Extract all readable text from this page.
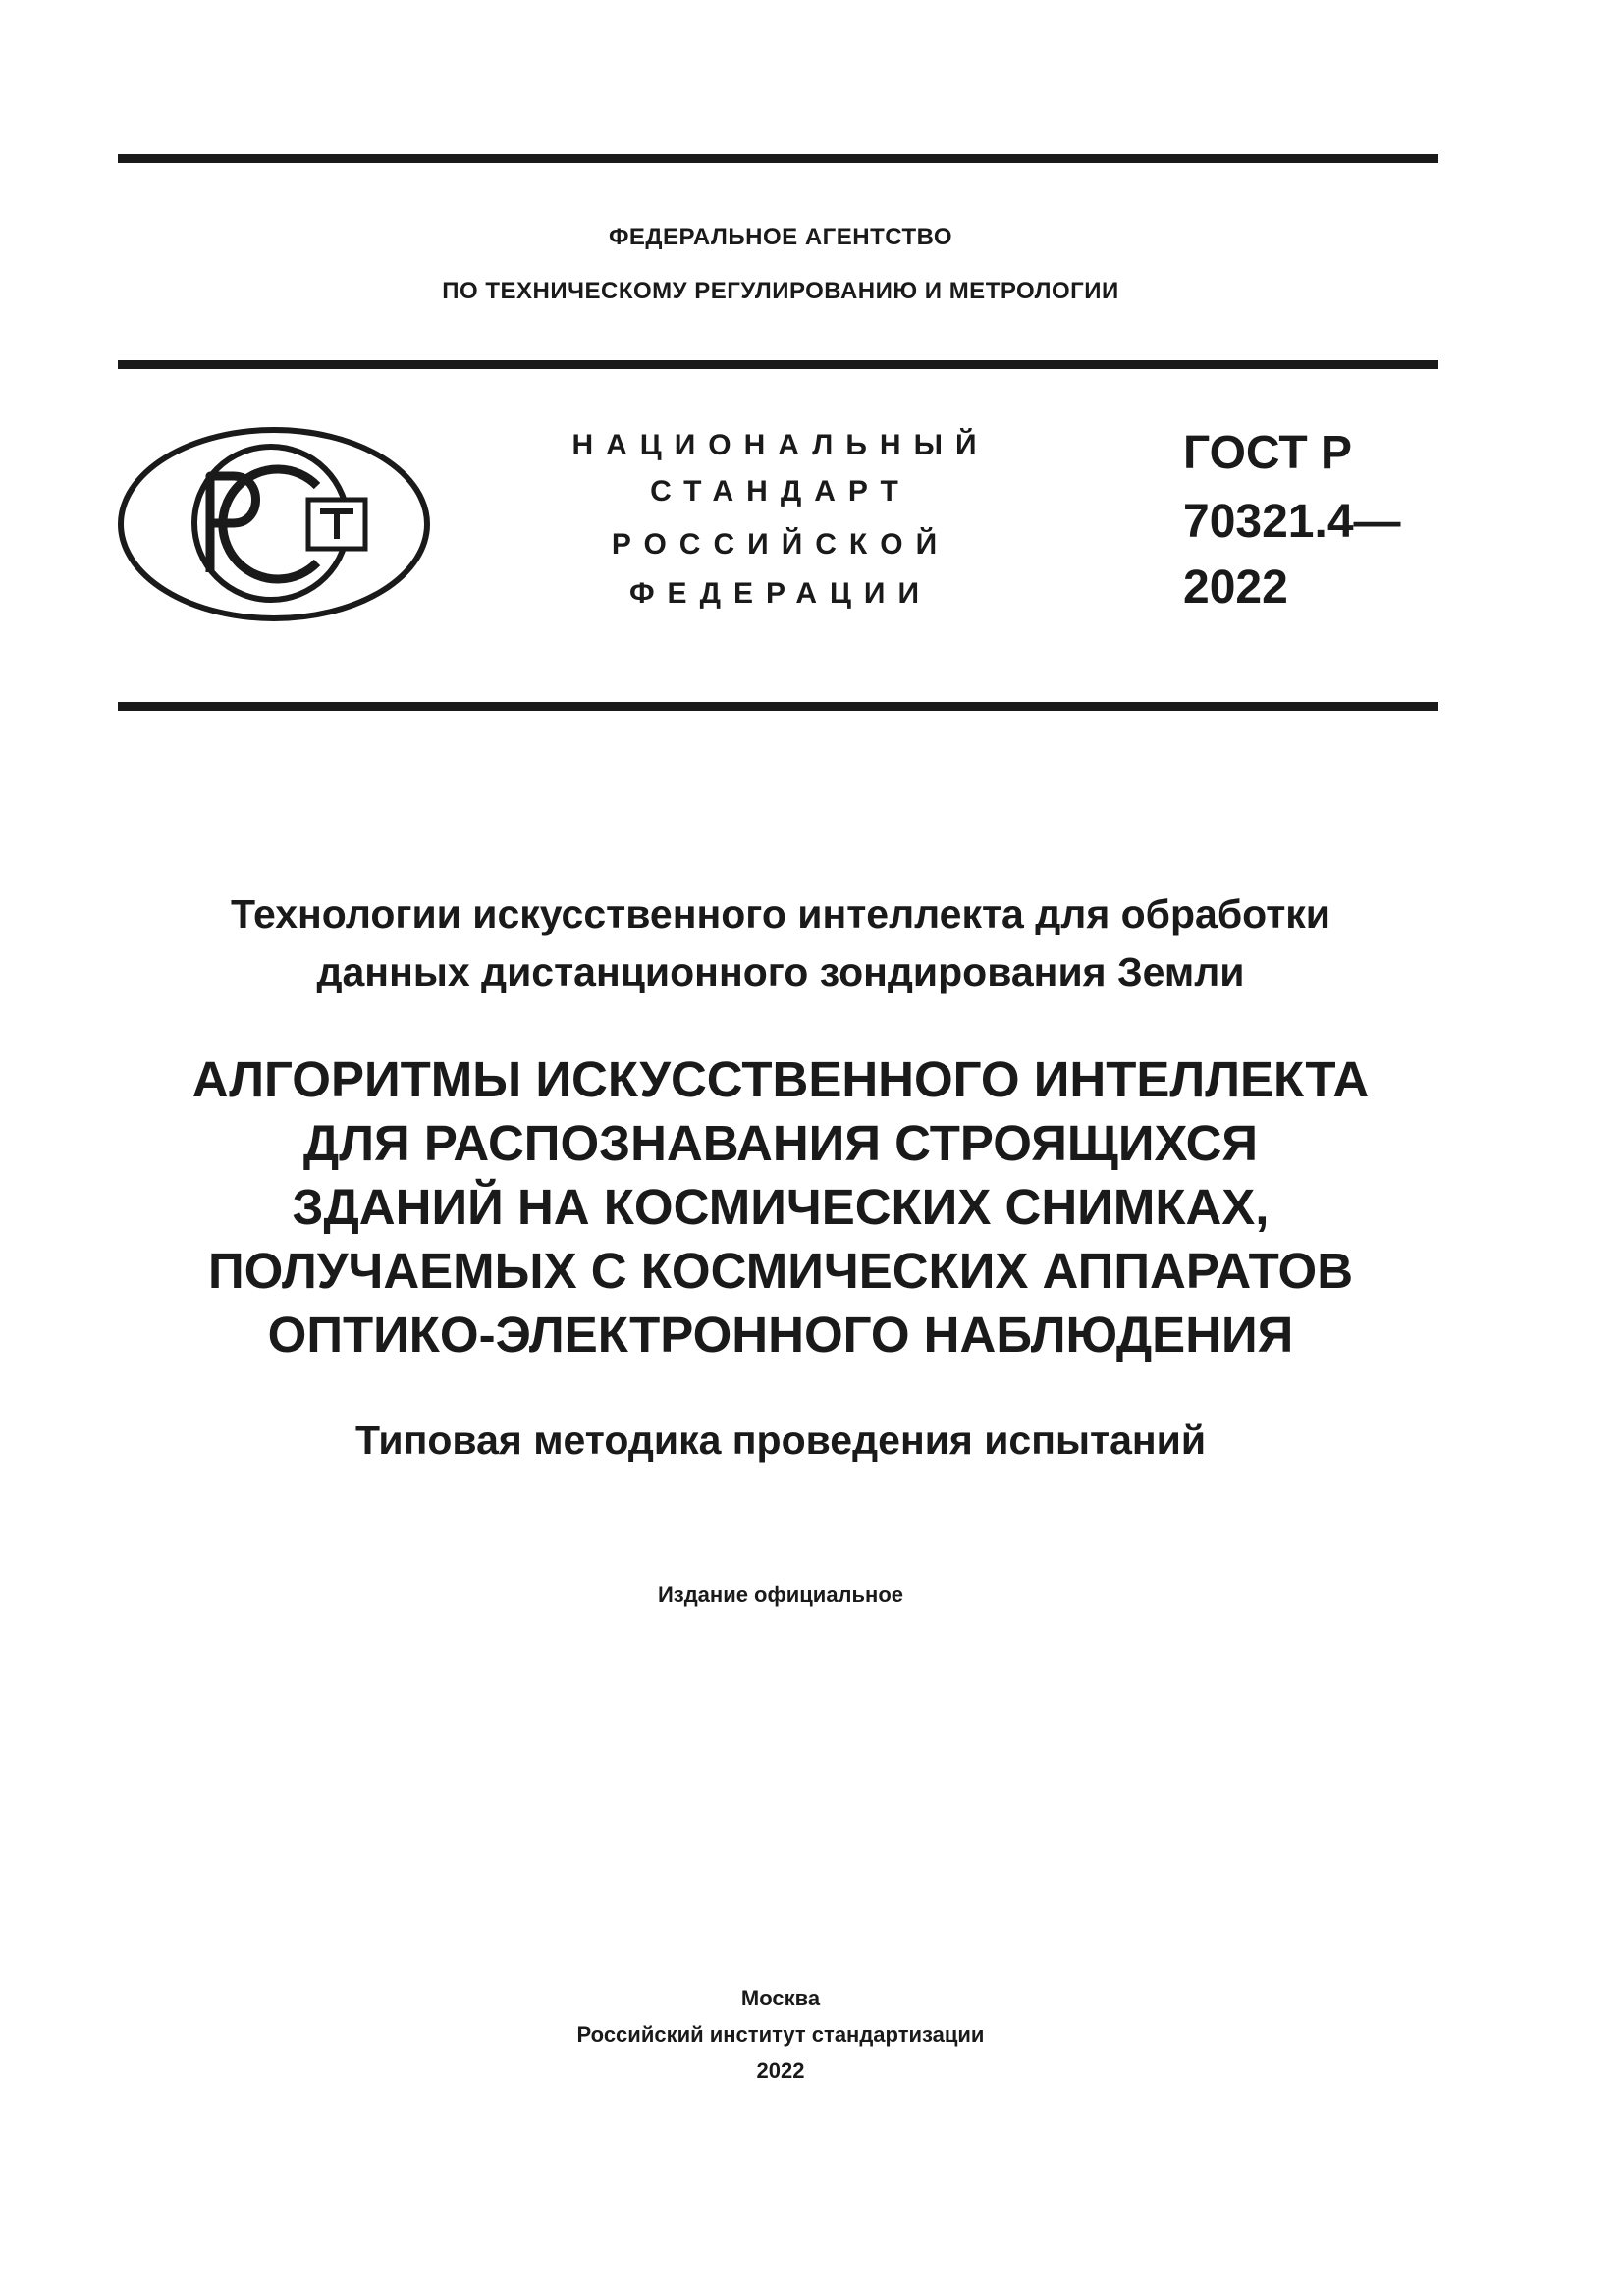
ФЕДЕРАЛЬНОЕ АГЕНТСТВО
ПО ТЕХНИЧЕСКОМУ РЕГУЛИРОВАНИЮ И МЕТРОЛОГИИ
НАЦИОНАЛЬНЫЙ
СТАНДАРТ
РОССИЙСКОЙ
ФЕДЕРАЦИИ
ГОСТ Р
70321.4—
2022
Технологии искусственного интеллекта для обработки
данных дистанционного зондирования Земли
АЛГОРИТМЫ ИСКУССТВЕННОГО ИНТЕЛЛЕКТА
ДЛЯ РАСПОЗНАВАНИЯ СТРОЯЩИХСЯ
ЗДАНИЙ НА КОСМИЧЕСКИХ СНИМКАХ,
ПОЛУЧАЕМЫХ С КОСМИЧЕСКИХ АППАРАТОВ
ОПТИКО-ЭЛЕКТРОННОГО НАБЛЮДЕНИЯ
Типовая методика проведения испытаний
Издание официальное
Москва
Российский институт стандартизации
2022
